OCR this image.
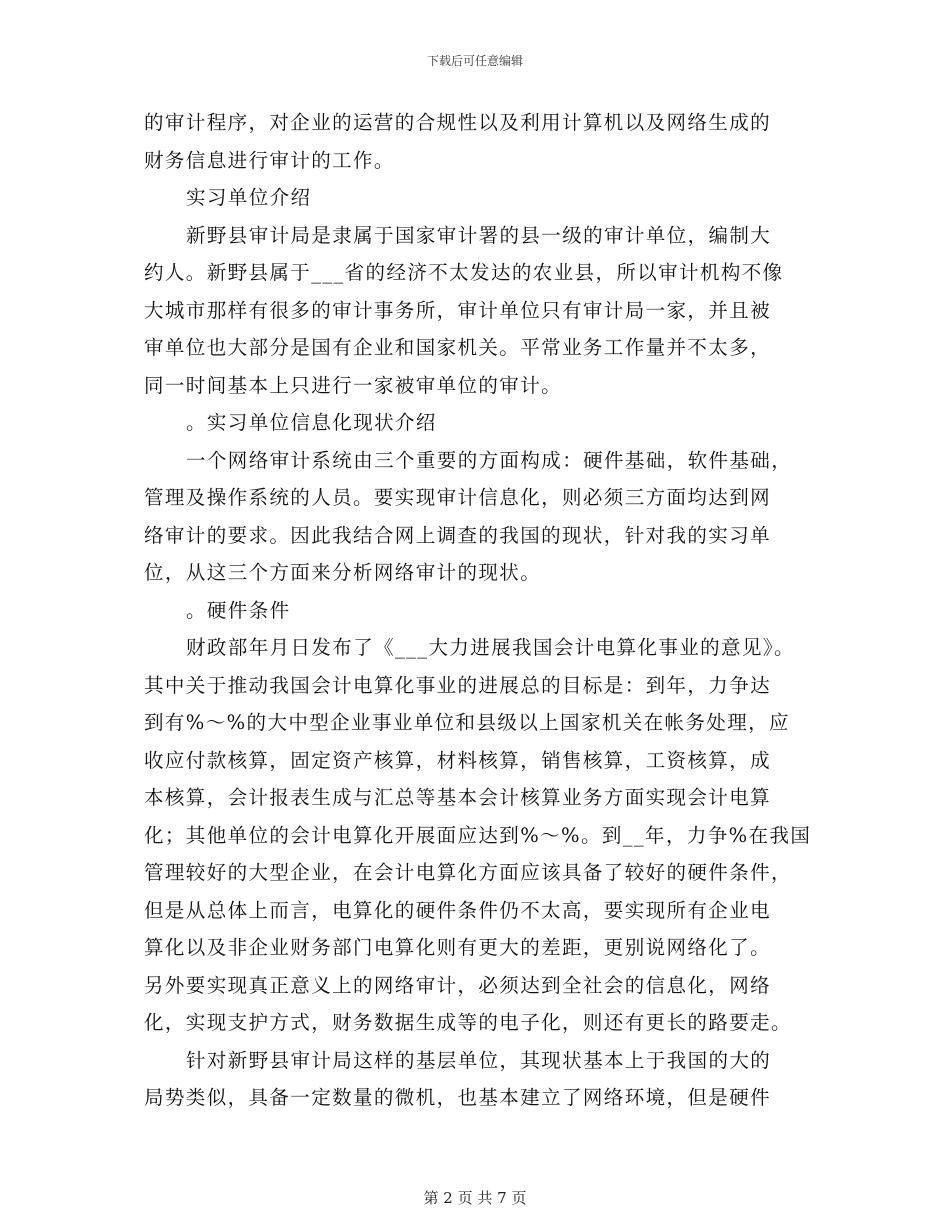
下载后可任意编辑
的审计程序，对企业的运营的合规性以及利用计算机以及网络生成的
财务信息进行审计的工作。
实习单位介绍
新野县审计局是隶属于国家审计署的县一级的审计单位，编制大
约人。新野县属于___省的经济不太发达的农业县，所以审计机构不像
大城市那样有很多的审计事务所，审计单位只有审计局一家，并且被
审单位也大部分是国有企业和国家机关。平常业务工作量并不太多，
同一时间基本上只进行一家被审单位的审计。
。实习单位信息化现状介绍
一个网络审计系统由三个重要的方面构成：硬件基础，软件基础，
管理及操作系统的人员。要实现审计信息化，则必须三方面均达到网
络审计的要求。因此我结合网上调查的我国的现状，针对我的实习单
位，从这三个方面来分析网络审计的现状。
。硬件条件
财政部年月日发布了《___大力进展我国会计电算化事业的意见》。
其中关于推动我国会计电算化事业的进展总的目标是：到年，力争达
到有%～%的大中型企业事业单位和县级以上国家机关在帐务处理，应
收应付款核算，固定资产核算，材料核算，销售核算，工资核算，成
本核算，会计报表生成与汇总等基本会计核算业务方面实现会计电算
化；其他单位的会计电算化开展面应达到%～%。到__年，力争%在我国
管理较好的大型企业，在会计电算化方面应该具备了较好的硬件条件，
但是从总体上而言，电算化的硬件条件仍不太高，要实现所有企业电
算化以及非企业财务部门电算化则有更大的差距，更别说网络化了。
另外要实现真正意义上的网络审计，必须达到全社会的信息化，网络
化，实现支护方式，财务数据生成等的电子化，则还有更长的路要走。
针对新野县审计局这样的基层单位，其现状基本上于我国的大的
局势类似，具备一定数量的微机，也基本建立了网络环境，但是硬件
第 2 页 共 7 页
